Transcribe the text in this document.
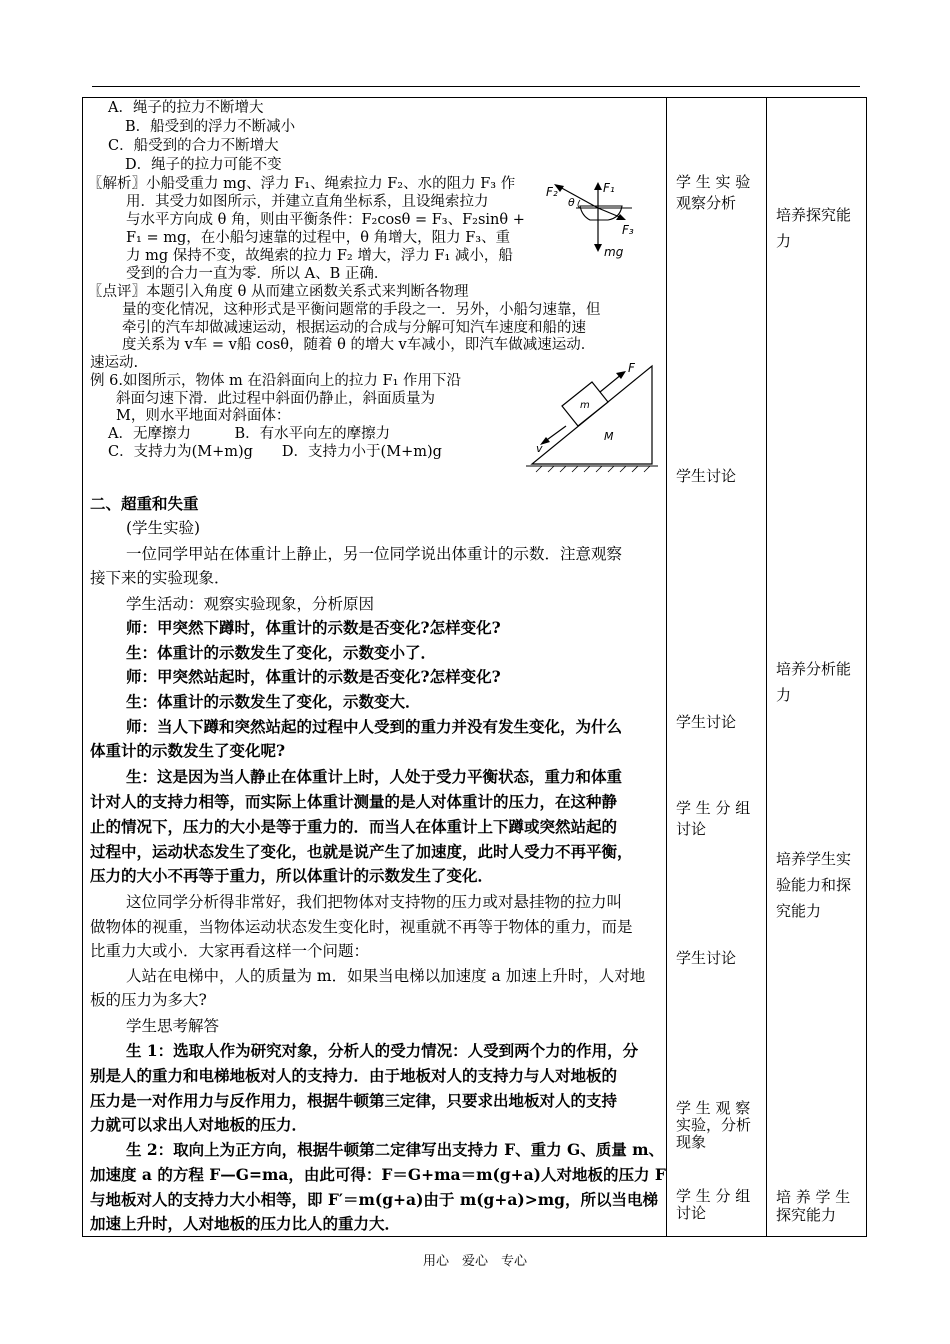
A．绳子的拉力不断增大
B．船受到的浮力不断减小
C．船受到的合力不断增大
D．绳子的拉力可能不变
〖解析〗小船受重力 mg、浮力 F₁、绳索拉力 F₂、水的阻力 F₃ 作
用．其受力如图所示，并建立直角坐标系，且设绳索拉力
与水平方向成 θ 角，则由平衡条件：F₂cosθ = F₃、F₂sinθ +
F₁ = mg，在小船匀速靠的过程中，θ 角增大，阻力 F₃、重
力 mg 保持不变，故绳索的拉力 F₂ 增大，浮力 F₁ 减小，船
受到的合力一直为零．所以 A、B 正确．
F₂	F₁
θ
F₃
mg
〖点评〗本题引入角度 θ 从而建立函数关系式来判断各物理
量的变化情况，这种形式是平衡问题常的手段之一．另外，小船匀速靠，但
牵引的汽车却做减速运动，根据运动的合成与分解可知汽车速度和船的速
度关系为 v车 = v船 cosθ，随着 θ 的增大 v车减小，即汽车做减速运动．
速运动.
例 6.如图所示，物体 m 在沿斜面向上的拉力 F₁ 作用下沿
斜面匀速下滑．此过程中斜面仍静止，斜面质量为
M，则水平地面对斜面体：
A．无摩擦力　　　B．有水平向左的摩擦力
C．支持力为(M+m)g　　D．支持力小于(M+m)g
F
m
M
v
二、超重和失重
(学生实验)
一位同学甲站在体重计上静止，另一位同学说出体重计的示数．注意观察
接下来的实验现象．
学生活动：观察实验现象，分析原因
师：甲突然下蹲时，体重计的示数是否变化?怎样变化?
生：体重计的示数发生了变化，示数变小了．
师：甲突然站起时，体重计的示数是否变化?怎样变化?
生：体重计的示数发生了变化，示数变大．
师：当人下蹲和突然站起的过程中人受到的重力并没有发生变化，为什么
体重计的示数发生了变化呢?
生：这是因为当人静止在体重计上时，人处于受力平衡状态，重力和体重
计对人的支持力相等，而实际上体重计测量的是人对体重计的压力，在这种静
止的情况下，压力的大小是等于重力的．而当人在体重计上下蹲或突然站起的
过程中，运动状态发生了变化，也就是说产生了加速度，此时人受力不再平衡，
压力的大小不再等于重力，所以体重计的示数发生了变化．
这位同学分析得非常好，我们把物体对支持物的压力或对悬挂物的拉力叫
做物体的视重，当物体运动状态发生变化时，视重就不再等于物体的重力，而是
比重力大或小．大家再看这样一个问题：
人站在电梯中，人的质量为 m．如果当电梯以加速度 a 加速上升时，人对地
板的压力为多大?
学生思考解答
生 1：选取人作为研究对象，分析人的受力情况：人受到两个力的作用，分
别是人的重力和电梯地板对人的支持力．由于地板对人的支持力与人对地板的
压力是一对作用力与反作用力，根据牛顿第三定律，只要求出地板对人的支持
力就可以求出人对地板的压力．
生 2：取向上为正方向，根据牛顿第二定律写出支持力 F、重力 G、质量 m、
加速度 a 的方程 F—G=ma，由此可得：F＝G+ma＝m(g+a)人对地板的压力 F
与地板对人的支持力大小相等，即 F′＝m(g+a)由于 m(g+a)>mg，所以当电梯
加速上升时，人对地板的压力比人的重力大．
学 生 实 验观察分析
学生讨论
学生讨论
学 生 分 组讨论
学生讨论
学 生 观 察实验，分析现象
学 生 分 组讨论
培养探究能力
培养分析能力
培养学生实验能力和探究能力
培 养 学 生探究能力
用心　爱心　专心
